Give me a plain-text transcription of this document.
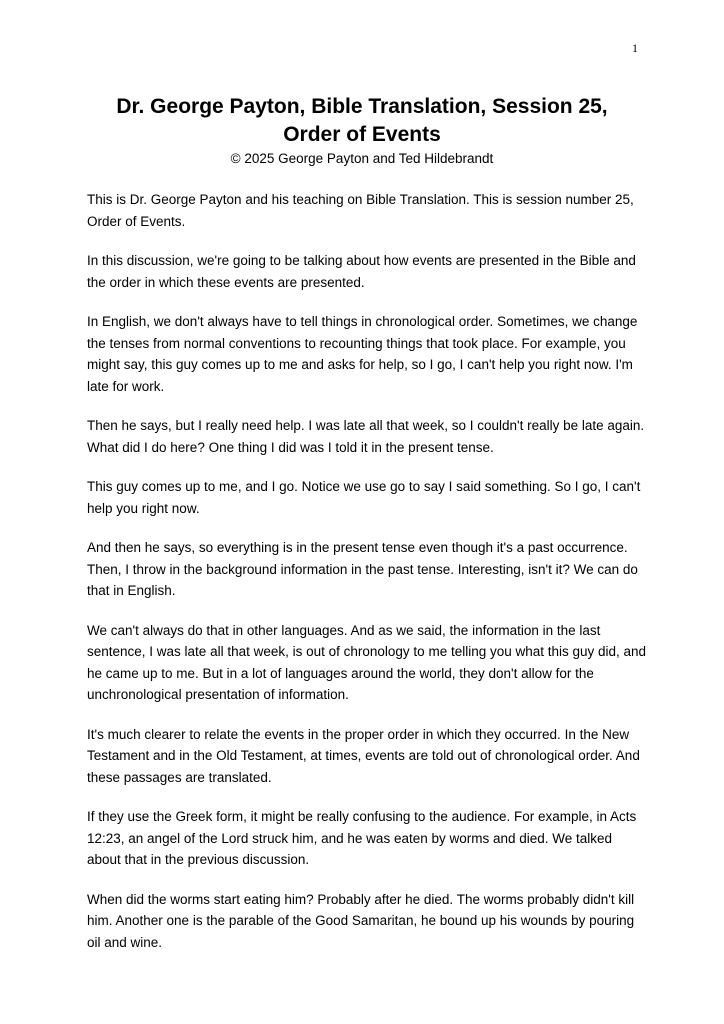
1
Dr. George Payton, Bible Translation, Session 25,
Order of Events
© 2025 George Payton and Ted Hildebrandt

This is Dr. George Payton and his teaching on Bible Translation. This is session number 25, Order of Events.

In this discussion, we're going to be talking about how events are presented in the Bible and the order in which these events are presented.

In English, we don't always have to tell things in chronological order. Sometimes, we change the tenses from normal conventions to recounting things that took place. For example, you might say, this guy comes up to me and asks for help, so I go, I can't help you right now. I'm late for work.

Then he says, but I really need help. I was late all that week, so I couldn't really be late again. What did I do here? One thing I did was I told it in the present tense.

This guy comes up to me, and I go. Notice we use go to say I said something. So I go, I can't help you right now.

And then he says, so everything is in the present tense even though it's a past occurrence. Then, I throw in the background information in the past tense. Interesting, isn't it? We can do that in English.

We can't always do that in other languages. And as we said, the information in the last sentence, I was late all that week, is out of chronology to me telling you what this guy did, and he came up to me. But in a lot of languages around the world, they don't allow for the unchronological presentation of information.

It's much clearer to relate the events in the proper order in which they occurred. In the New Testament and in the Old Testament, at times, events are told out of chronological order. And these passages are translated.

If they use the Greek form, it might be really confusing to the audience. For example, in Acts 12:23, an angel of the Lord struck him, and he was eaten by worms and died. We talked about that in the previous discussion.

When did the worms start eating him? Probably after he died. The worms probably didn't kill him. Another one is the parable of the Good Samaritan, he bound up his wounds by pouring oil and wine.
